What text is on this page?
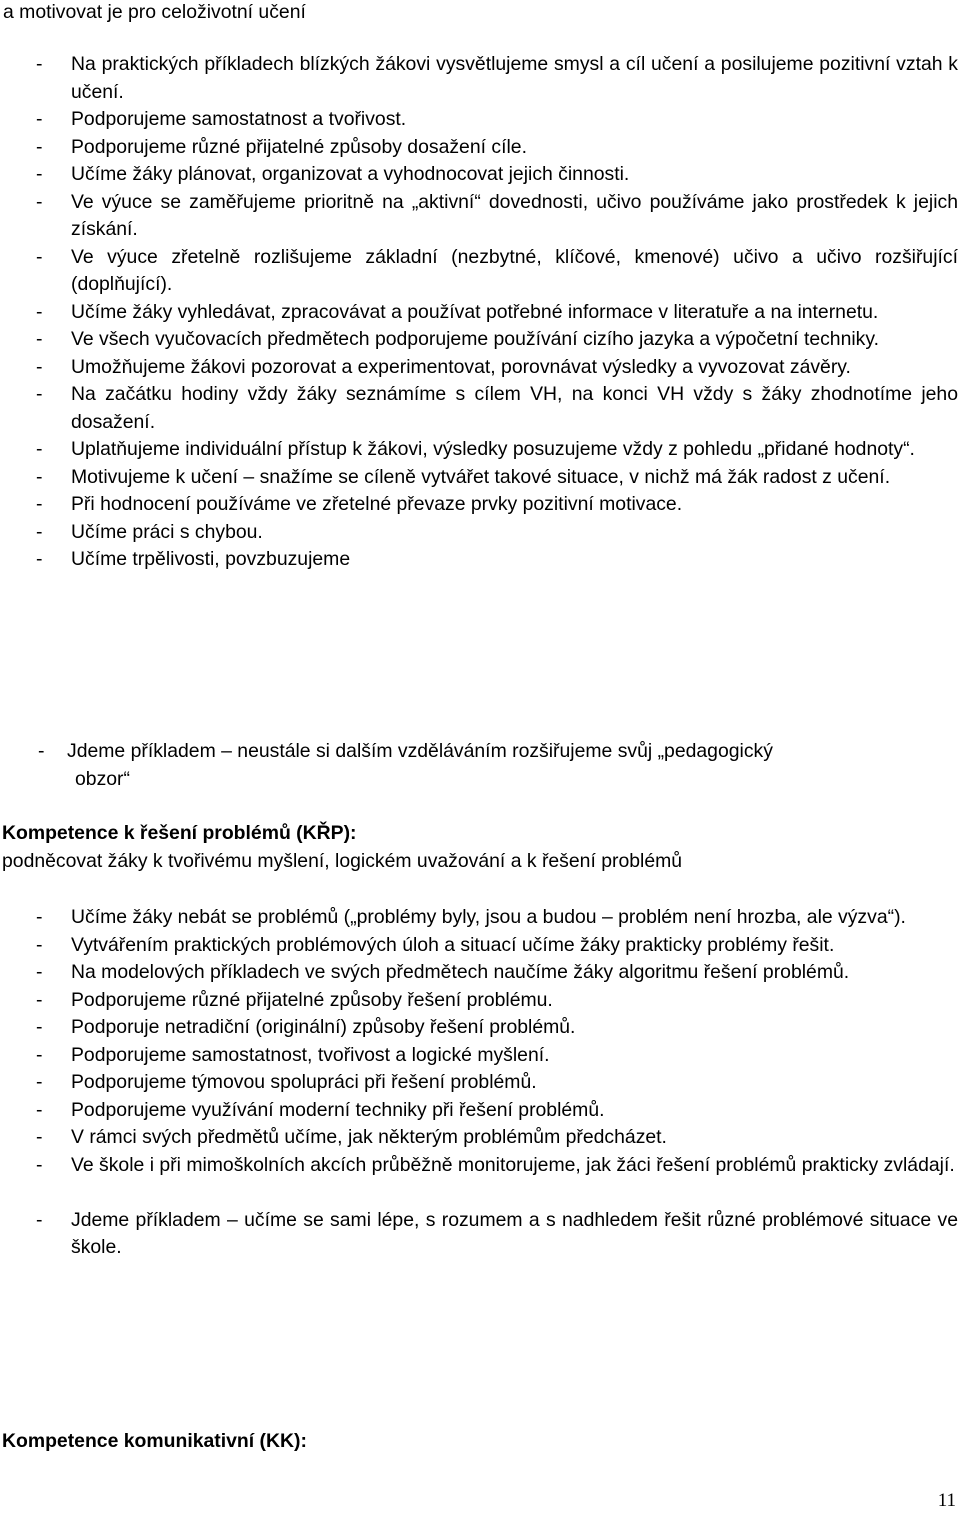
a motivovat je pro celoživotní učení

- Na praktických příkladech blízkých žákovi vysvětlujeme smysl a cíl učení a posilujeme pozitivní vztah k učení.
- Podporujeme samostatnost a tvořivost.
- Podporujeme různé přijatelné způsoby dosažení cíle.
- Učíme žáky plánovat, organizovat a vyhodnocovat jejich činnosti.
- Ve výuce se zaměřujeme prioritně na „aktivní“ dovednosti, učivo používáme jako prostředek k jejich získání.
- Ve výuce zřetelně rozlišujeme základní (nezbytné, klíčové, kmenové) učivo a učivo rozšiřující (doplňující).
- Učíme žáky vyhledávat, zpracovávat a používat potřebné informace v literatuře a na internetu.
- Ve všech vyučovacích předmětech podporujeme používání cizího jazyka a výpočetní techniky.
- Umožňujeme žákovi pozorovat a experimentovat, porovnávat výsledky a vyvozovat závěry.
- Na začátku hodiny vždy žáky seznámíme s cílem VH, na konci VH vždy s žáky zhodnotíme jeho dosažení.
- Uplatňujeme individuální přístup k žákovi, výsledky posuzujeme vždy z pohledu „přidané hodnoty“.
- Motivujeme k učení – snažíme se cíleně vytvářet takové situace, v nichž má žák radost z učení.
- Při hodnocení používáme ve zřetelné převaze prvky pozitivní motivace.
- Učíme práci s chybou.
- Učíme trpělivosti, povzbuzujeme
- Jdeme příkladem – neustále si dalším vzděláváním rozšiřujeme svůj „pedagogický
obzor“

Kompetence k řešení problémů (KŘP):

podněcovat žáky k tvořivému myšlení, logickém uvažování a k řešení problémů

- Učíme žáky nebát se problémů („problémy byly, jsou a budou – problém není hrozba, ale výzva“).
- Vytvářením praktických problémových úloh a situací učíme žáky prakticky problémy řešit.
- Na modelových příkladech ve svých předmětech naučíme žáky algoritmu řešení problémů.
- Podporujeme různé přijatelné způsoby řešení problému.
- Podporuje netradiční (originální) způsoby řešení problémů.
- Podporujeme samostatnost, tvořivost a logické myšlení.
- Podporujeme týmovou spolupráci při řešení problémů.
- Podporujeme využívání moderní techniky při řešení problémů.
- V rámci svých předmětů učíme, jak některým problémům předcházet.
- Ve škole i při mimoškolních akcích průběžně monitorujeme, jak žáci řešení problémů prakticky zvládají.
- Jdeme příkladem – učíme se sami lépe, s rozumem a s nadhledem řešit různé problémové situace ve škole.

Kompetence komunikativní (KK):

11
